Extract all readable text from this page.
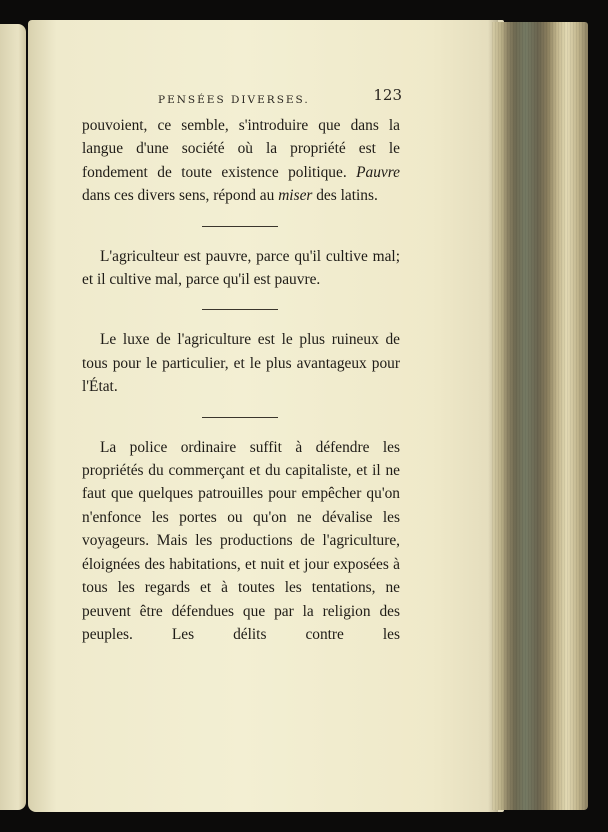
PENSÉES DIVERSES.	123

pouvoient, ce semble, s'introduire que dans la langue d'une société où la propriété est le fondement de toute existence politique. Pauvre dans ces divers sens, répond au miser des latins.

L'agriculteur est pauvre, parce qu'il cultive mal; et il cultive mal, parce qu'il est pauvre.

Le luxe de l'agriculture est le plus ruineux de tous pour le particulier, et le plus avantageux pour l'État.

La police ordinaire suffit à défendre les propriétés du commerçant et du capitaliste, et il ne faut que quelques patrouilles pour empêcher qu'on n'enfonce les portes ou qu'on ne dévalise les voyageurs. Mais les productions de l'agriculture, éloignées des habitations, et nuit et jour exposées à tous les regards et à toutes les tentations, ne peuvent être défendues que par la religion des peuples. Les délits contre les
